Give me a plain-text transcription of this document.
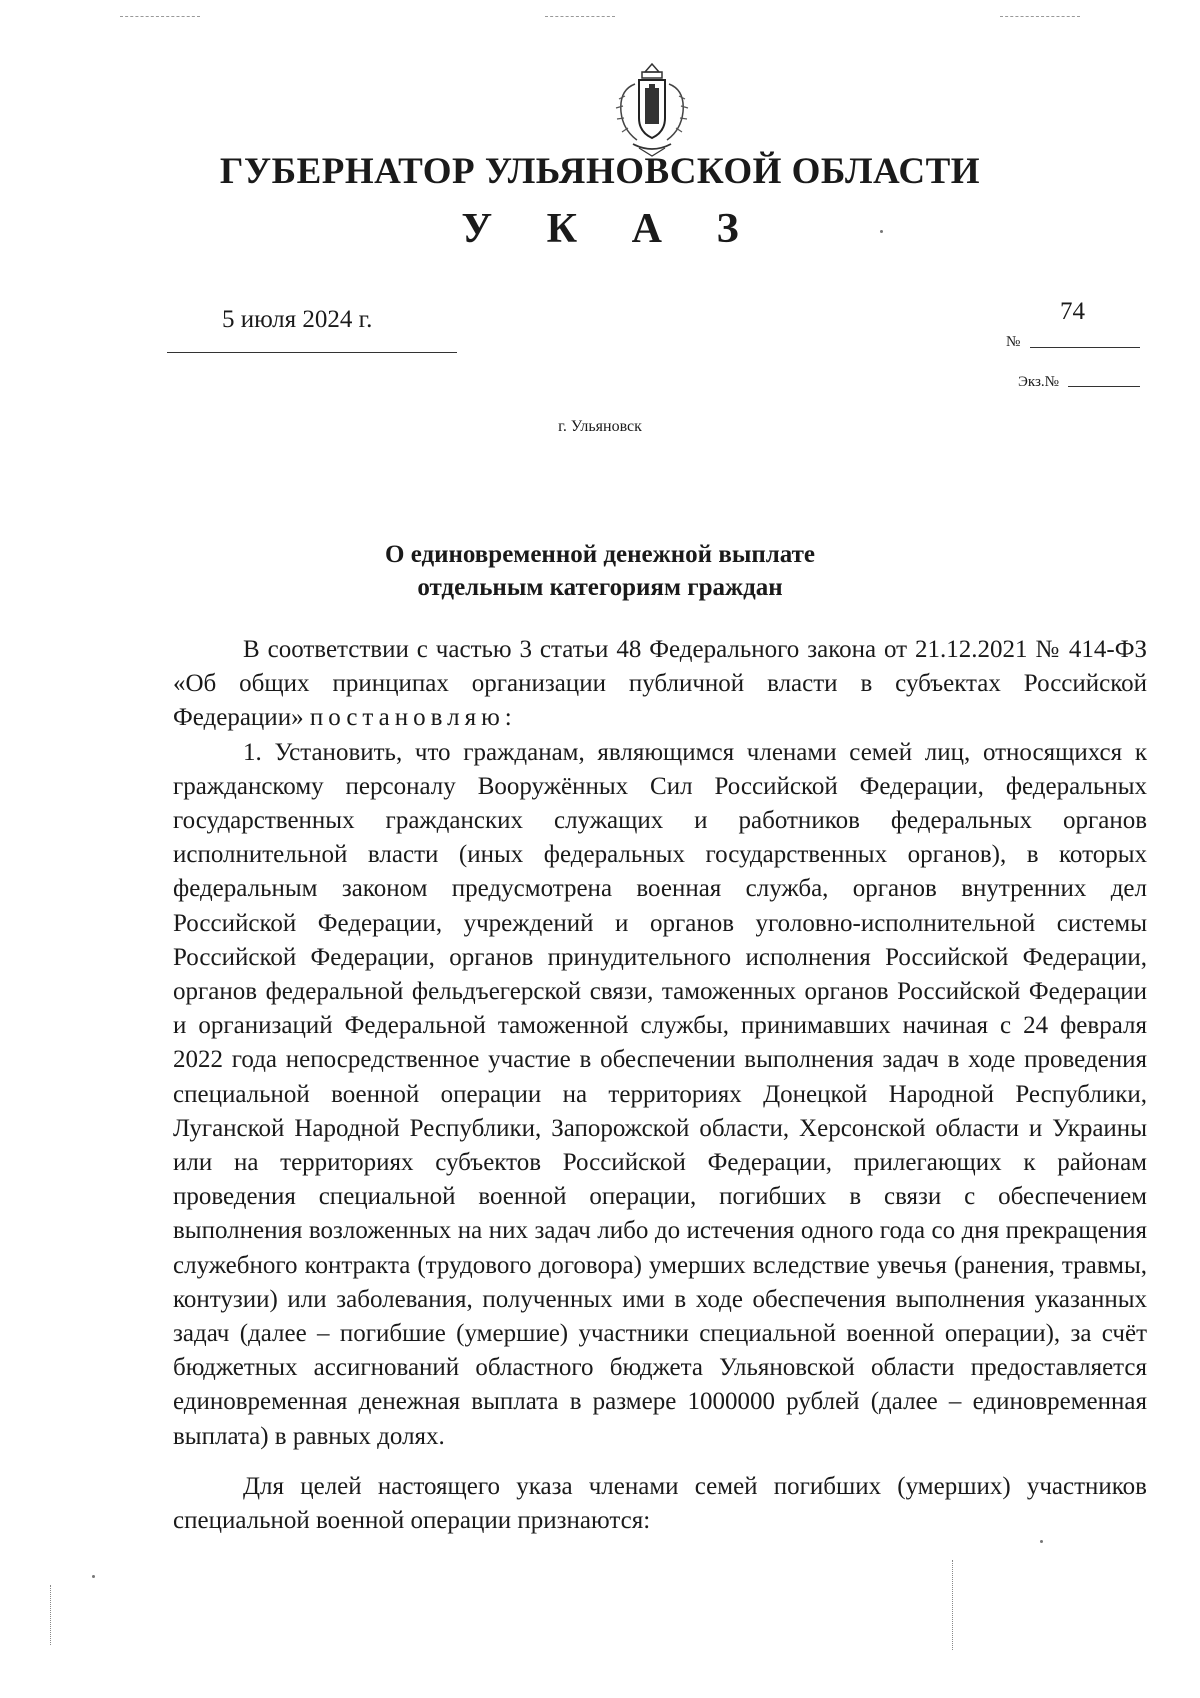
ГУБЕРНАТОР УЛЬЯНОВСКОЙ ОБЛАСТИ
У К А З
5 июля 2024 г.	74
№
Экз.№
г. Ульяновск
О единовременной денежной выплате
отдельным категориям граждан

В соответствии с частью 3 статьи 48 Федерального закона от 21.12.2021 № 414-ФЗ «Об общих принципах организации публичной власти в субъектах Российской Федерации» постановляю:

1. Установить, что гражданам, являющимся членами семей лиц, относящихся к гражданскому персоналу Вооружённых Сил Российской Федерации, федеральных государственных гражданских служащих и работников федеральных органов исполнительной власти (иных федеральных государственных органов), в которых федеральным законом предусмотрена военная служба, органов внутренних дел Российской Федерации, учреждений и органов уголовно-исполнительной системы Российской Федерации, органов принудительного исполнения Российской Федерации, органов федеральной фельдъегерской связи, таможенных органов Российской Федерации и организаций Федеральной таможенной службы, принимавших начиная с 24 февраля 2022 года непосредственное участие в обеспечении выполнения задач в ходе проведения специальной военной операции на территориях Донецкой Народной Республики, Луганской Народной Республики, Запорожской области, Херсонской области и Украины или на территориях субъектов Российской Федерации, прилегающих к районам проведения специальной военной операции, погибших в связи с обеспечением выполнения возложенных на них задач либо до истечения одного года со дня прекращения служебного контракта (трудового договора) умерших вследствие увечья (ранения, травмы, контузии) или заболевания, полученных ими в ходе обеспечения выполнения указанных задач (далее – погибшие (умершие) участники специальной военной операции), за счёт бюджетных ассигнований областного бюджета Ульяновской области предоставляется единовременная денежная выплата в размере 1000000 рублей (далее – единовременная выплата) в равных долях.

Для целей настоящего указа членами семей погибших (умерших) участников специальной военной операции признаются:
